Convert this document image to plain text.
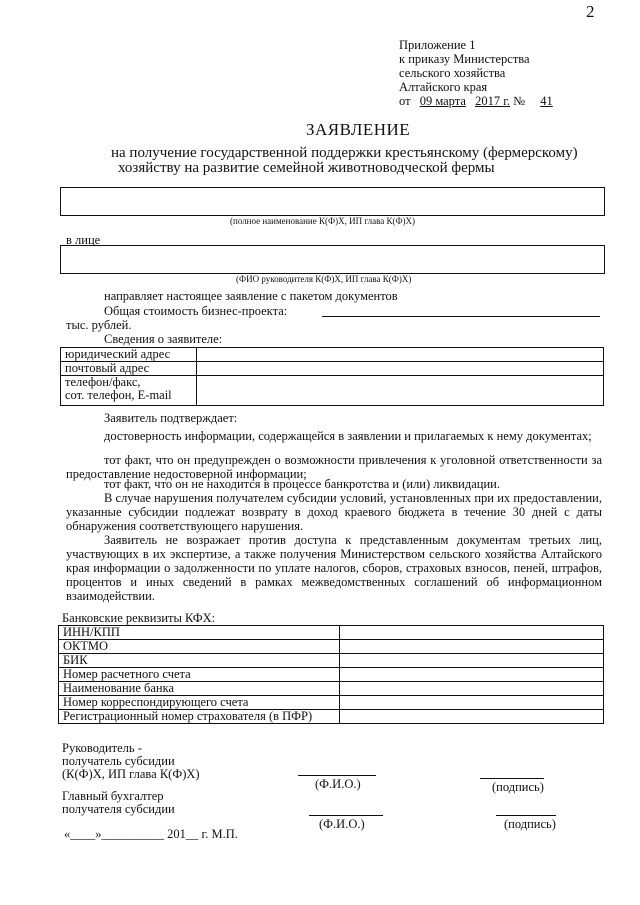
2
Приложение 1
к приказу Министерства
сельского хозяйства
Алтайского края
от 09 марта 2017 г. № 41
ЗАЯВЛЕНИЕ
на получение государственной поддержки крестьянскому (фермерскому)
хозяйству на развитие семейной животноводческой фермы
(полное наименование К(Ф)Х, ИП глава К(Ф)Х)
в лице
(ФИО руководителя К(Ф)Х, ИП глава К(Ф)Х)
направляет настоящее заявление с пакетом документов
Общая стоимость бизнес-проекта:
тыс. рублей.
Сведения о заявителе:
юридический адрес	
почтовый адрес	

телефон/факс,
сот. телефон, E-mail	

Заявитель подтверждает:
достоверность информации, содержащейся в заявлении и прилагаемых к нему документах;
тот факт, что он предупрежден о возможности привлечения к уголовной ответственности за предоставление недостоверной информации;
тот факт, что он не находится в процессе банкротства и (или) ликвидации.
В случае нарушения получателем субсидии условий, установленных при их предоставлении, указанные субсидии подлежат возврату в доход краевого бюджета в течение 30 дней с даты обнаружения соответствующего нарушения.
Заявитель не возражает против доступа к представленным документам третьих лиц, участвующих в их экспертизе, а также получения Министерством сельского хозяйства Алтайского края информации о задолженности по уплате налогов, сборов, страховых взносов, пеней, штрафов, процентов и иных сведений в рамках межведомственных соглашений об информационном взаимодействии.
Банковские реквизиты КФХ:
ИНН/КПП	
ОКТМО	
БИК	
Номер расчетного счета	
Наименование банка	
Номер корреспондирующего счета	
Регистрационный номер страхователя (в ПФР)	
Руководитель -
получатель субсидии
(К(Ф)Х, ИП глава К(Ф)Х)
(Ф.И.О.)	(подпись)
Главный бухгалтер
получателя субсидии
(Ф.И.О.)	(подпись)
«____»__________ 201__ г. М.П.
